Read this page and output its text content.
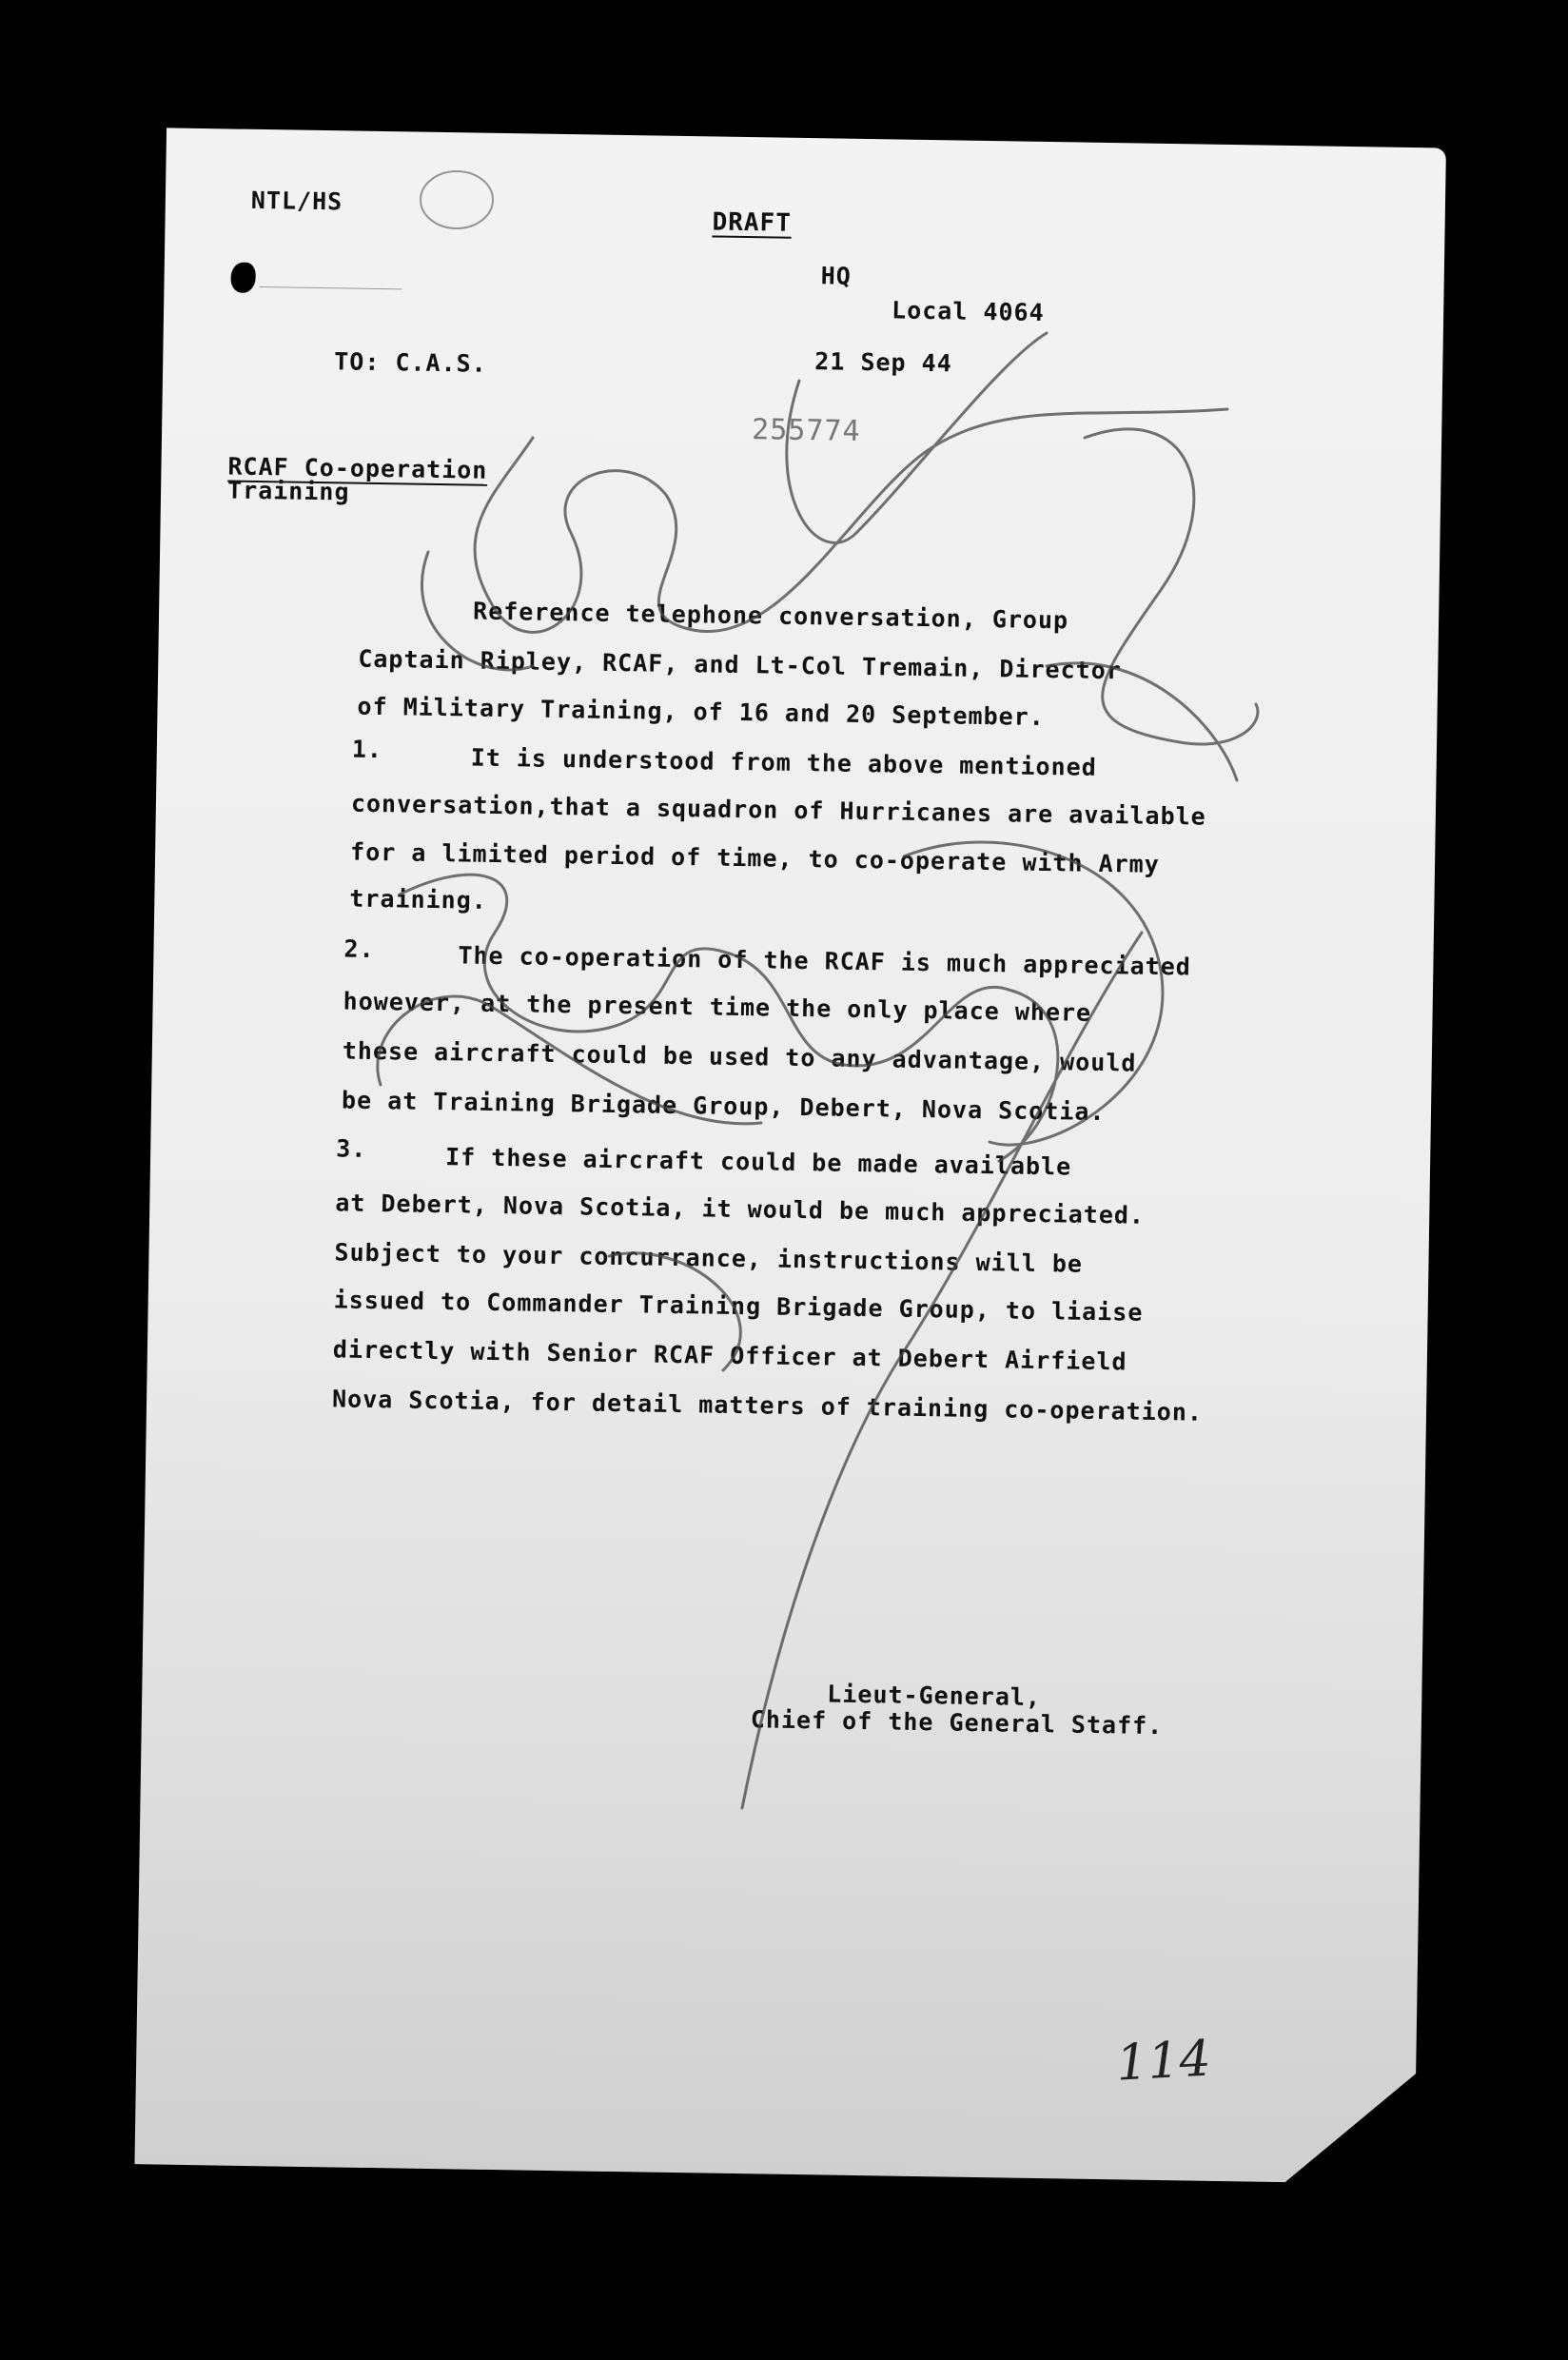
NTL/HS
DRAFT
HQ
Local 4064
21 Sep 44
TO: C.A.S.
255774
RCAF Co-operation
Training
Reference telephone conversation, Group
Captain Ripley, RCAF, and Lt-Col Tremain, Director
of Military Training, of 16 and 20 September.
1.	It is understood from the above mentioned
conversation,that a squadron of Hurricanes are available
for a limited period of time, to co-operate with Army
training.
2.	The co-operation of the RCAF is much appreciated
however, at the present time the only place where
these aircraft could be used to any advantage, would
be at Training Brigade Group, Debert, Nova Scotia.
3.	If these aircraft could be made available
at Debert, Nova Scotia, it would be much appreciated.
Subject to your concurrance, instructions will be
issued to Commander Training Brigade Group, to liaise
directly with Senior RCAF Officer at Debert Airfield
Nova Scotia, for detail matters of training co-operation.
Lieut-General,
Chief of the General Staff.
114
